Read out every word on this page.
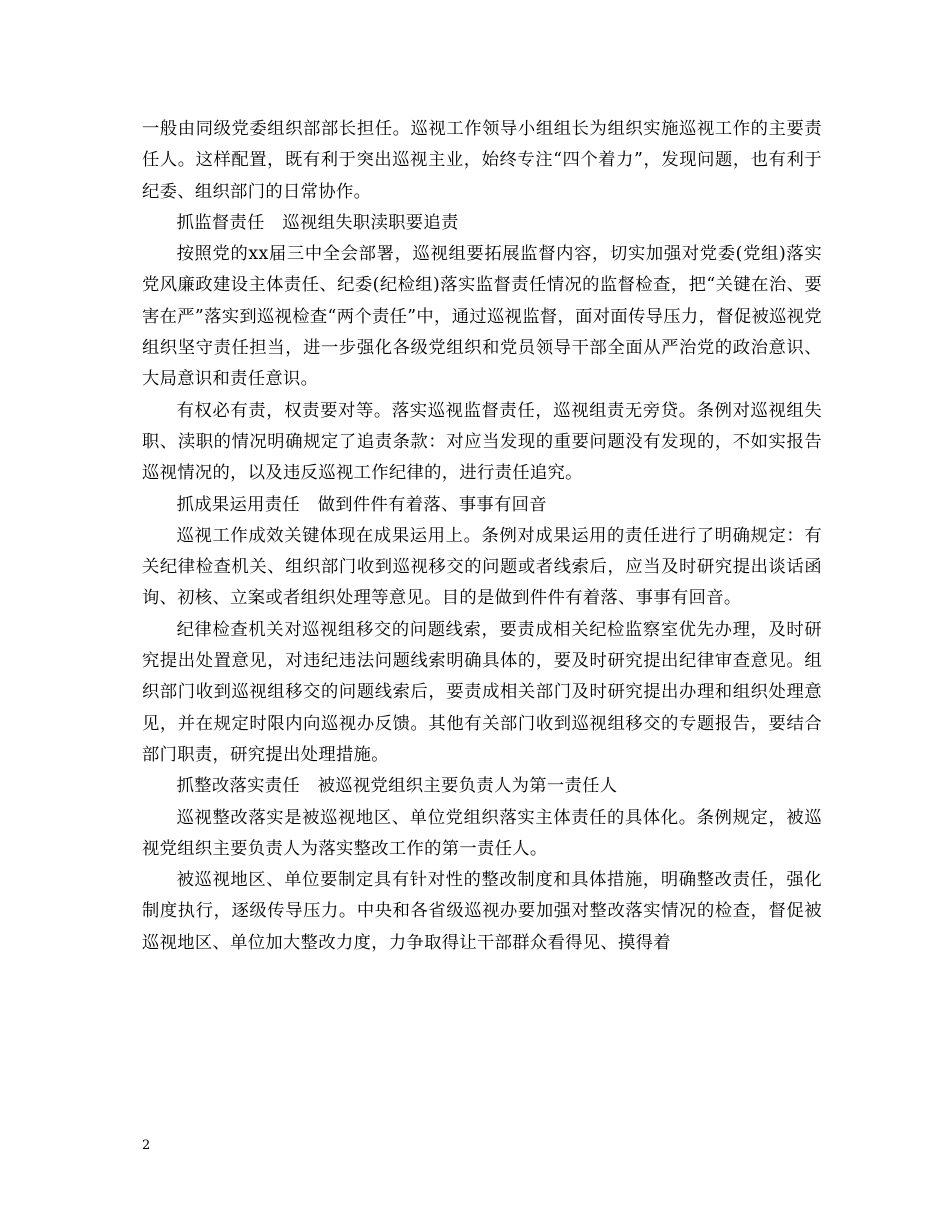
一般由同级党委组织部部长担任。巡视工作领导小组组长为组织实施巡视工作的主要责任人。这样配置，既有利于突出巡视主业，始终专注“四个着力”，发现问题，也有利于纪委、组织部门的日常协作。

抓监督责任　巡视组失职渎职要追责

按照党的xx届三中全会部署，巡视组要拓展监督内容，切实加强对党委(党组)落实党风廉政建设主体责任、纪委(纪检组)落实监督责任情况的监督检查，把“关键在治、要害在严”落实到巡视检查“两个责任”中，通过巡视监督，面对面传导压力，督促被巡视党组织坚守责任担当，进一步强化各级党组织和党员领导干部全面从严治党的政治意识、大局意识和责任意识。

有权必有责，权责要对等。落实巡视监督责任，巡视组责无旁贷。条例对巡视组失职、渎职的情况明确规定了追责条款：对应当发现的重要问题没有发现的，不如实报告巡视情况的，以及违反巡视工作纪律的，进行责任追究。

抓成果运用责任　做到件件有着落、事事有回音

巡视工作成效关键体现在成果运用上。条例对成果运用的责任进行了明确规定：有关纪律检查机关、组织部门收到巡视移交的问题或者线索后，应当及时研究提出谈话函询、初核、立案或者组织处理等意见。目的是做到件件有着落、事事有回音。

纪律检查机关对巡视组移交的问题线索，要责成相关纪检监察室优先办理，及时研究提出处置意见，对违纪违法问题线索明确具体的，要及时研究提出纪律审查意见。组织部门收到巡视组移交的问题线索后，要责成相关部门及时研究提出办理和组织处理意见，并在规定时限内向巡视办反馈。其他有关部门收到巡视组移交的专题报告，要结合部门职责，研究提出处理措施。

抓整改落实责任　被巡视党组织主要负责人为第一责任人

巡视整改落实是被巡视地区、单位党组织落实主体责任的具体化。条例规定，被巡视党组织主要负责人为落实整改工作的第一责任人。

被巡视地区、单位要制定具有针对性的整改制度和具体措施，明确整改责任，强化制度执行，逐级传导压力。中央和各省级巡视办要加强对整改落实情况的检查，督促被巡视地区、单位加大整改力度，力争取得让干部群众看得见、摸得着

2
